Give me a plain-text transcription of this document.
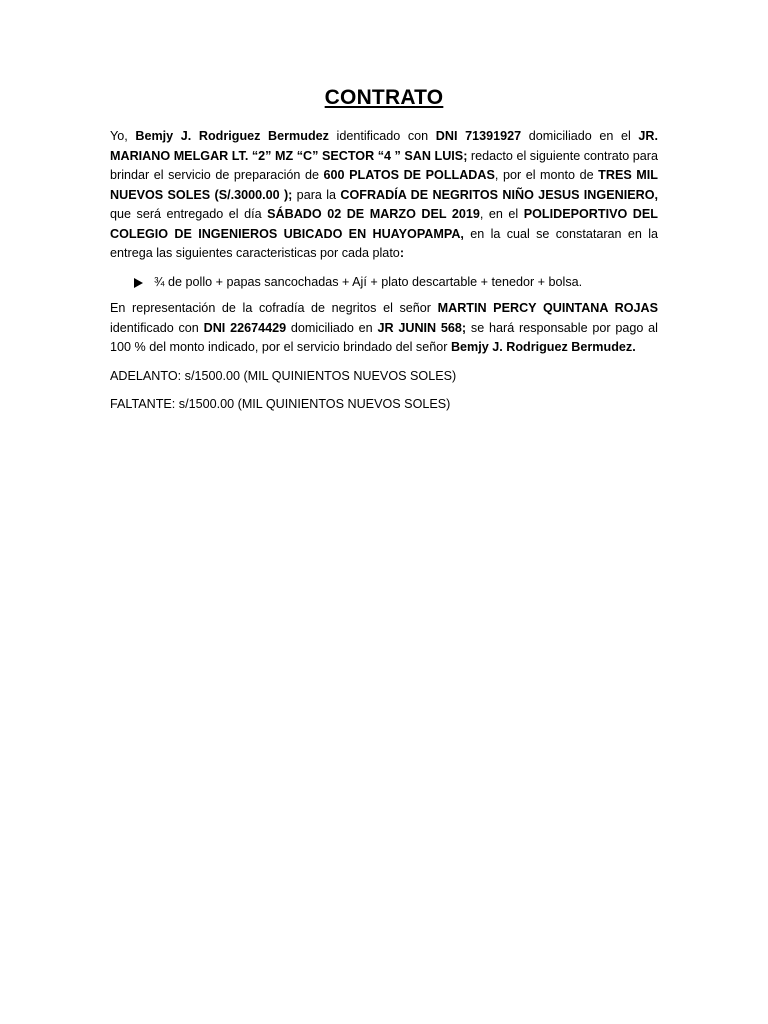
CONTRATO

Yo, Bemjy J. Rodriguez Bermudez identificado con DNI 71391927 domiciliado en el JR. MARIANO MELGAR LT. “2” MZ “C” SECTOR “4 ” SAN LUIS; redacto el siguiente contrato para brindar el servicio de preparación de 600 PLATOS DE POLLADAS, por el monto de TRES MIL NUEVOS SOLES (S/.3000.00 ); para la COFRADÍA DE NEGRITOS NIÑO JESUS INGENIERO, que será entregado el día SÁBADO 02 DE MARZO DEL 2019, en el POLIDEPORTIVO DEL COLEGIO DE INGENIEROS UBICADO EN HUAYOPAMPA, en la cual se constataran en la entrega las siguientes caracteristicas por cada plato:

¾ de pollo + papas sancochadas + Ají + plato descartable + tenedor + bolsa.

En representación de la cofradía de negritos el señor MARTIN PERCY QUINTANA ROJAS identificado con DNI 22674429 domiciliado en JR JUNIN 568; se hará responsable por pago al 100 % del monto indicado, por el servicio brindado del señor Bemjy J. Rodriguez Bermudez.

ADELANTO: s/1500.00 (MIL QUINIENTOS NUEVOS SOLES)

FALTANTE: s/1500.00 (MIL QUINIENTOS NUEVOS SOLES)
